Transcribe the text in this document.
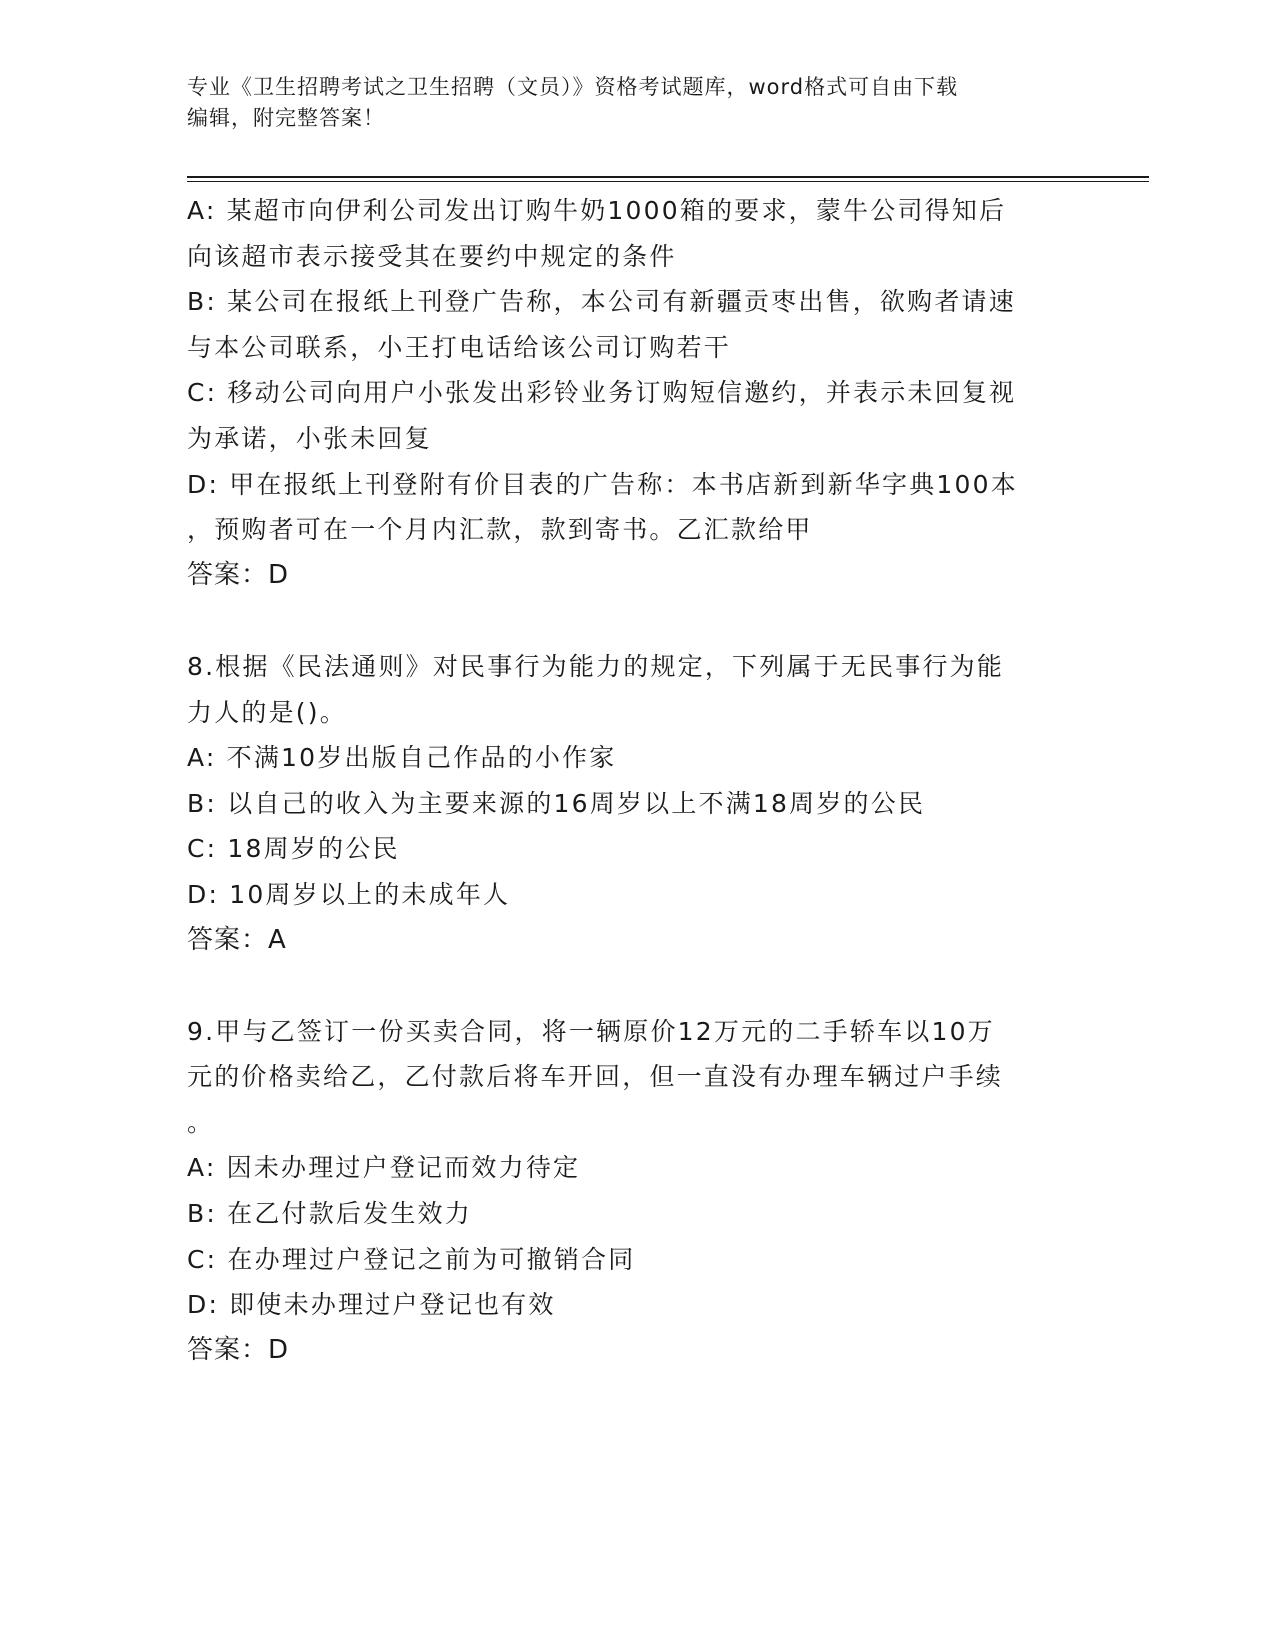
专业《卫生招聘考试之卫生招聘（文员）》资格考试题库，word格式可自由下载

编辑，附完整答案！

A: 某超市向伊利公司发出订购牛奶1000箱的要求，蒙牛公司得知后

向该超市表示接受其在要约中规定的条件

B: 某公司在报纸上刊登广告称，本公司有新疆贡枣出售，欲购者请速

与本公司联系，小王打电话给该公司订购若干

C: 移动公司向用户小张发出彩铃业务订购短信邀约，并表示未回复视

为承诺，小张未回复

D: 甲在报纸上刊登附有价目表的广告称：本书店新到新华字典100本

，预购者可在一个月内汇款，款到寄书。乙汇款给甲

答案：D

8.根据《民法通则》对民事行为能力的规定，下列属于无民事行为能

力人的是()。

A: 不满10岁出版自己作品的小作家

B: 以自己的收入为主要来源的16周岁以上不满18周岁的公民

C: 18周岁的公民

D: 10周岁以上的未成年人

答案：A

9.甲与乙签订一份买卖合同，将一辆原价12万元的二手轿车以10万

元的价格卖给乙，乙付款后将车开回，但一直没有办理车辆过户手续

。

A: 因未办理过户登记而效力待定

B: 在乙付款后发生效力

C: 在办理过户登记之前为可撤销合同

D: 即使未办理过户登记也有效

答案：D
